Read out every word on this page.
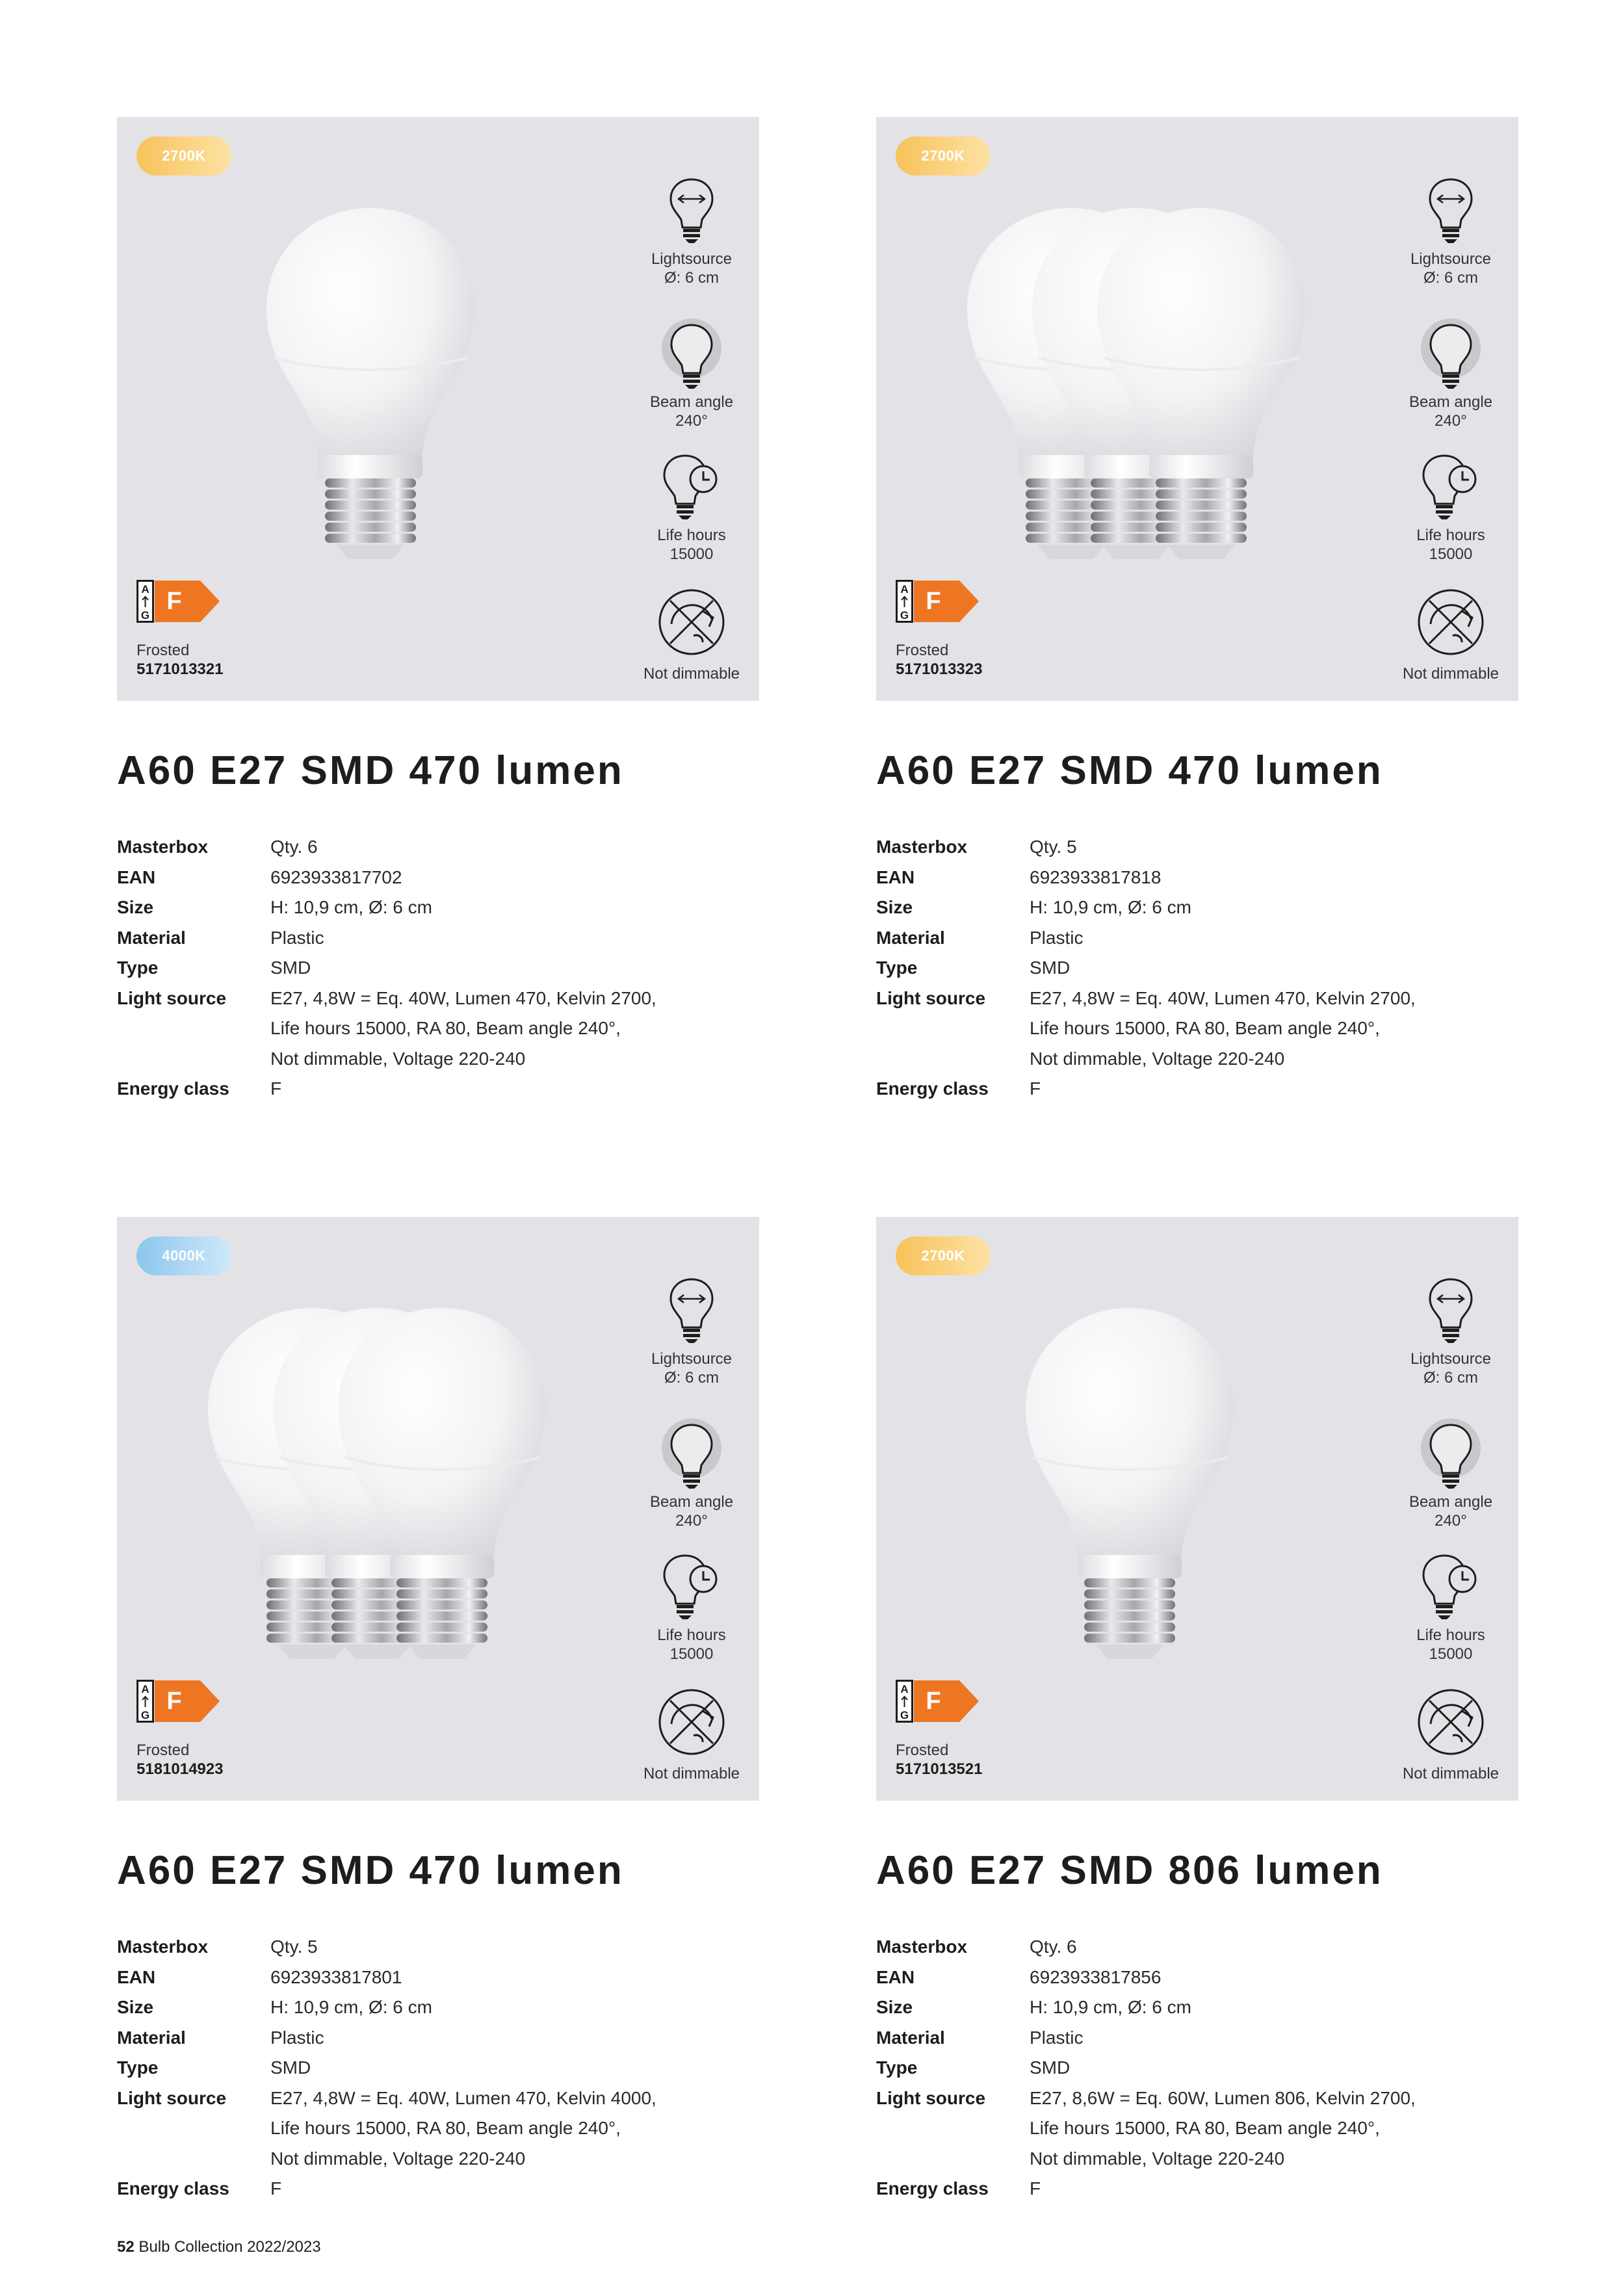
2700K
Lightsource
Ø: 6 cm
Beam angle
240°
Life hours
15000
Not dimmable
A
G
F
Frosted
5171013321
A60 E27 SMD 470 lumen
Masterbox	Qty. 6
EAN	6923933817702
Size	H: 10,9 cm, Ø: 6 cm
Material	Plastic
Type	SMD
Light source	E27, 4,8W = Eq. 40W, Lumen 470, Kelvin 2700,
Life hours 15000, RA 80, Beam angle 240°,
Not dimmable, Voltage 220-240
Energy class	F
2700K
Lightsource
Ø: 6 cm
Beam angle
240°
Life hours
15000
Not dimmable
A
G
F
Frosted
5171013323
A60 E27 SMD 470 lumen
Masterbox	Qty. 5
EAN	6923933817818
Size	H: 10,9 cm, Ø: 6 cm
Material	Plastic
Type	SMD
Light source	E27, 4,8W = Eq. 40W, Lumen 470, Kelvin 2700,
Life hours 15000, RA 80, Beam angle 240°,
Not dimmable, Voltage 220-240
Energy class	F
4000K
Lightsource
Ø: 6 cm
Beam angle
240°
Life hours
15000
Not dimmable
A
G
F
Frosted
5181014923
A60 E27 SMD 470 lumen
Masterbox	Qty. 5
EAN	6923933817801
Size	H: 10,9 cm, Ø: 6 cm
Material	Plastic
Type	SMD
Light source	E27, 4,8W = Eq. 40W, Lumen 470, Kelvin 4000,
Life hours 15000, RA 80, Beam angle 240°,
Not dimmable, Voltage 220-240
Energy class	F
2700K
Lightsource
Ø: 6 cm
Beam angle
240°
Life hours
15000
Not dimmable
A
G
F
Frosted
5171013521
A60 E27 SMD 806 lumen
Masterbox	Qty. 6
EAN	6923933817856
Size	H: 10,9 cm, Ø: 6 cm
Material	Plastic
Type	SMD
Light source	E27, 8,6W = Eq. 60W, Lumen 806, Kelvin 2700,
Life hours 15000, RA 80, Beam angle 240°,
Not dimmable, Voltage 220-240
Energy class	F
52 Bulb Collection 2022/2023
